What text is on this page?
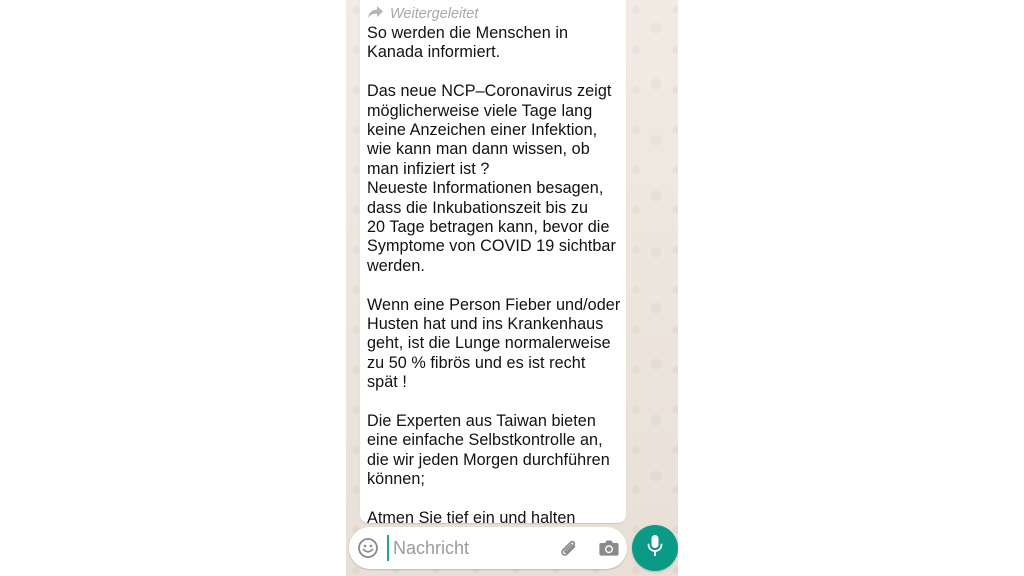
Weitergeleitet

So werden die Menschen in
Kanada informiert.

Das neue NCP–Coronavirus zeigt
möglicherweise viele Tage lang
keine Anzeichen einer Infektion,
wie kann man dann wissen, ob
man infiziert ist ?
Neueste Informationen besagen,
dass die Inkubationszeit bis zu
20 Tage betragen kann, bevor die
Symptome von COVID 19 sichtbar
werden.

Wenn eine Person Fieber und/oder
Husten hat und ins Krankenhaus
geht, ist die Lunge normalerweise
zu 50 % fibrös und es ist recht
spät !

Die Experten aus Taiwan bieten
eine einfache Selbstkontrolle an,
die wir jeden Morgen durchführen
können;

Atmen Sie tief ein und halten

Nachricht
